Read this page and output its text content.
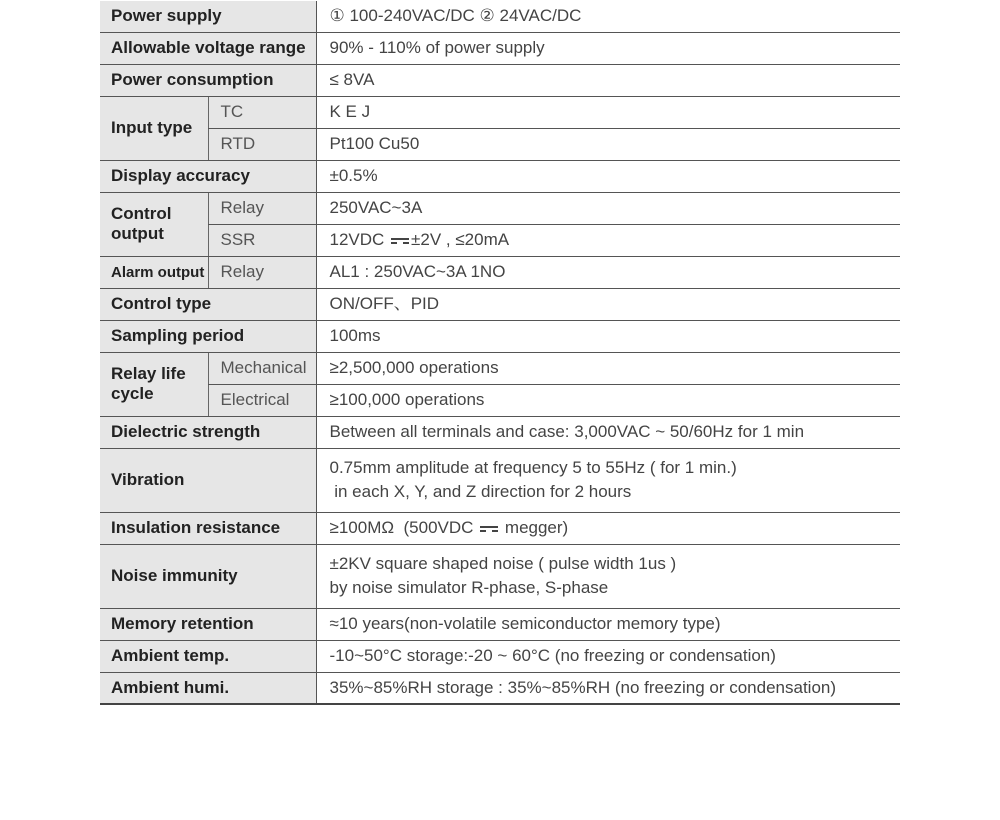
Power supply		① 100-240VAC/DC ② 24VAC/DC
Allowable voltage range		90% - 110% of power supply
Power consumption		≤ 8VA
Input type	TC	K E J
	RTD	Pt100 Cu50
Display accuracy		±0.5%
Control
output	Relay	250VAC~3A
	SSR	12VDC ±2V , ≤20mA
Alarm output	Relay	AL1 : 250VAC~3A 1NO
Control type		ON/OFF、PID
Sampling period		100ms
Relay life
cycle	Mechanical	≥2,500,000 operations
	Electrical	≥100,000 operations
Dielectric strength		Between all terminals and case: 3,000VAC ~ 50/60Hz for 1 min
Vibration		0.75mm amplitude at frequency 5 to 55Hz ( for 1 min.)
in each X, Y, and Z direction for 2 hours

Insulation resistance		≥100MΩ  (500VDC megger)
Noise immunity		±2KV square shaped noise ( pulse width 1us )
by noise simulator R-phase, S-phase

Memory retention		≈10 years(non-volatile semiconductor memory type)
Ambient temp.		-10~50°C storage:-20 ~ 60°C (no freezing or condensation)
Ambient humi.		35%~85%RH storage : 35%~85%RH (no freezing or condensation)
